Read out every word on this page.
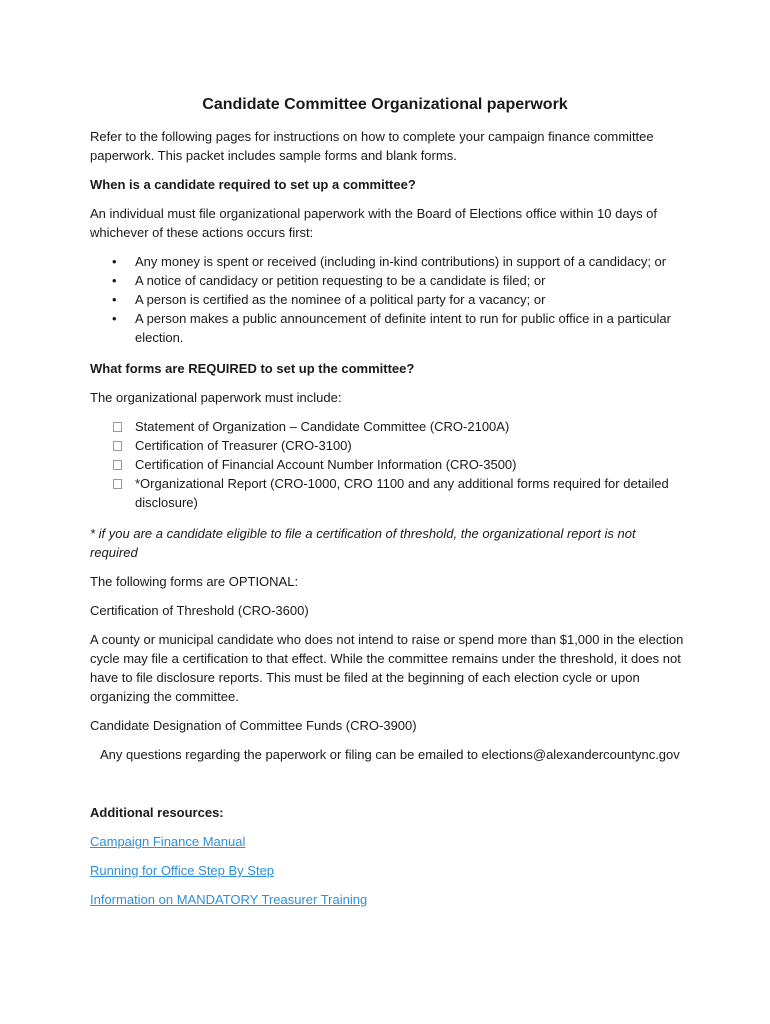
Candidate Committee Organizational paperwork

Refer to the following pages for instructions on how to complete your campaign finance committee paperwork. This packet includes sample forms and blank forms.

When is a candidate required to set up a committee?

An individual must file organizational paperwork with the Board of Elections office within 10 days of whichever of these actions occurs first:

• Any money is spent or received (including in-kind contributions) in support of a candidacy; or
• A notice of candidacy or petition requesting to be a candidate is filed; or
• A person is certified as the nominee of a political party for a vacancy; or
• A person makes a public announcement of definite intent to run for public office in a particular election.

What forms are REQUIRED to set up the committee?

The organizational paperwork must include:

Statement of Organization – Candidate Committee (CRO-2100A)
Certification of Treasurer (CRO-3100)
Certification of Financial Account Number Information (CRO-3500)
*Organizational Report (CRO-1000, CRO 1100 and any additional forms required for detailed disclosure)

* if you are a candidate eligible to file a certification of threshold, the organizational report is not required

The following forms are OPTIONAL:

Certification of Threshold (CRO-3600)

A county or municipal candidate who does not intend to raise or spend more than $1,000 in the election cycle may file a certification to that effect. While the committee remains under the threshold, it does not have to file disclosure reports. This must be filed at the beginning of each election cycle or upon organizing the committee.

Candidate Designation of Committee Funds (CRO-3900)

Any questions regarding the paperwork or filing can be emailed to elections@alexandercountync.gov

Additional resources:

Campaign Finance Manual

Running for Office Step By Step

Information on MANDATORY Treasurer Training
